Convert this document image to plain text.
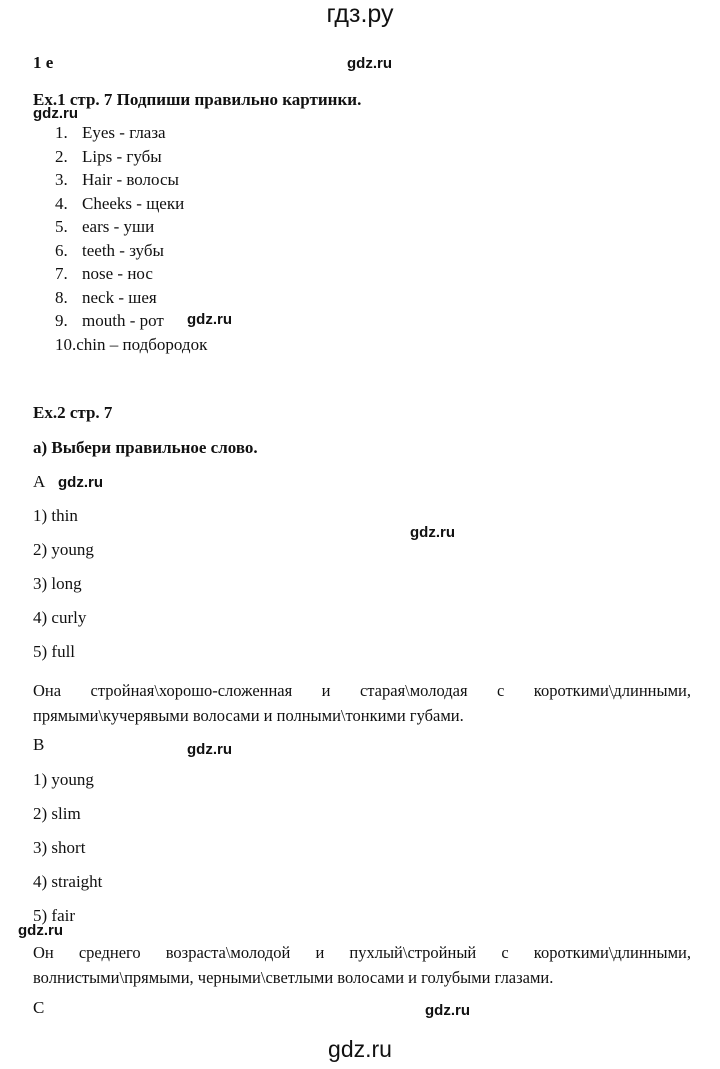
гдз.ру
1 e	gdz.ru
Ex.1 стр. 7 Подпиши правильно картинки.
gdz.ru
1. Eyes - глаза
2. Lips - губы
3. Hair - волосы
4. Cheeks - щеки
5. ears - уши
6. teeth - зубы
7. nose - нос
8. neck - шея
9. mouth - рот
10.chin – подбородок
gdz.ru
Ex.2 стр. 7
а) Выбери правильное слово.
A gdz.ru
gdz.ru
1) thin
2) young
3) long
4) curly
5) full
Она стройная\хорошо-сложенная и старая\молодая с короткими\длинными, прямыми\кучерявыми волосами и полными\тонкими губами.
B	gdz.ru
1) young
2) slim
3) short
4) straight
5) fair
gdz.ru
Он среднего возраста\молодой и пухлый\стройный с короткими\длинными, волнистыми\прямыми, черными\светлыми волосами и голубыми глазами.
C	gdz.ru
gdz.ru
